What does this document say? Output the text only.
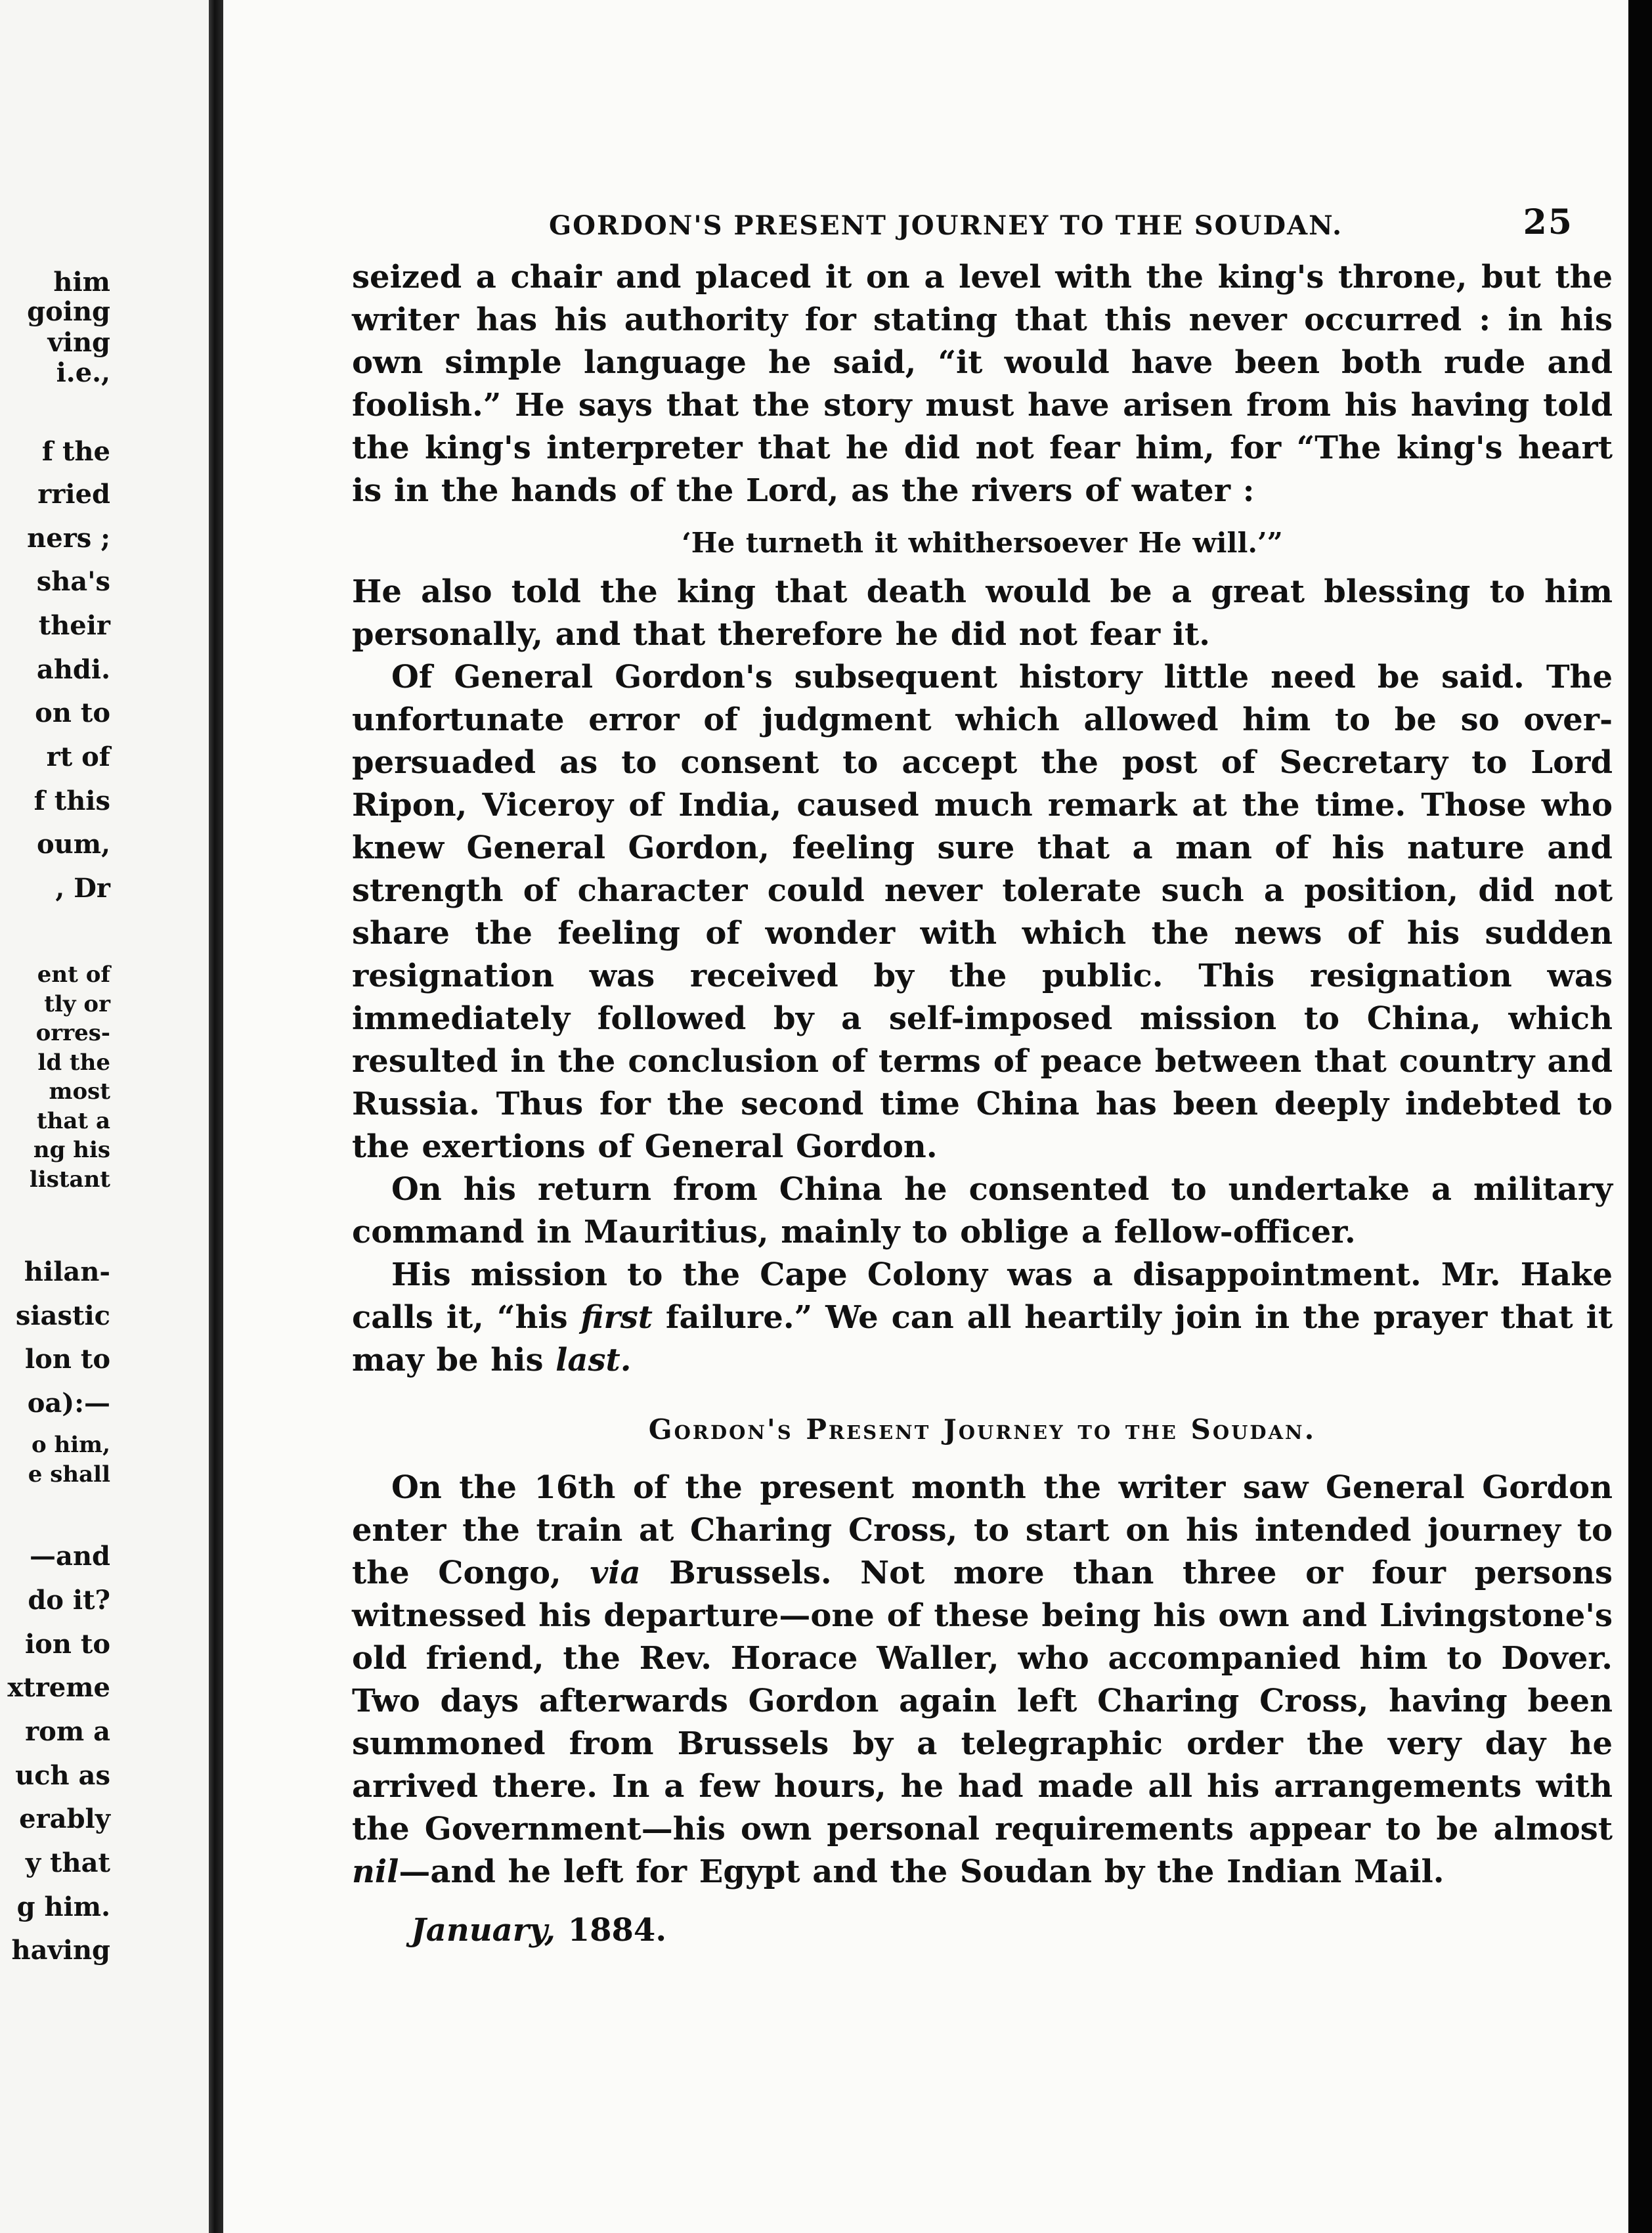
him
going
ving
i.e.,
f the
rried
ners ;
sha's
their
ahdi.
on to
rt of
f this
oum,
, Dr
ent of
tly or
orres-
ld the
most
that a
ng his
listant
hilan-
siastic
lon to
oa):—
o him,
e shall
—and
do it?
ion to
xtreme
rom a
uch as
erably
y that
g him.
having
GORDON'S PRESENT JOURNEY TO THE SOUDAN.	25

seized a chair and placed it on a level with the king's throne, but the writer has his authority for stating that this never occurred : in his own simple language he said, “it would have been both rude and foolish.” He says that the story must have arisen from his having told the king's interpreter that he did not fear him, for “The king's heart is in the hands of the Lord, as the rivers of water :

‘He turneth it whithersoever He will.’”

He also told the king that death would be a great blessing to him personally, and that therefore he did not fear it.

Of General Gordon's subsequent history little need be said. The unfortunate error of judgment which allowed him to be so over-persuaded as to consent to accept the post of Secretary to Lord Ripon, Viceroy of India, caused much remark at the time. Those who knew General Gordon, feeling sure that a man of his nature and strength of character could never tolerate such a position, did not share the feeling of wonder with which the news of his sudden resignation was received by the public. This resignation was immediately followed by a self-imposed mission to China, which resulted in the conclusion of terms of peace between that country and Russia. Thus for the second time China has been deeply indebted to the exertions of General Gordon.

On his return from China he consented to undertake a military command in Mauritius, mainly to oblige a fellow-officer.

His mission to the Cape Colony was a disappointment. Mr. Hake calls it, “his first failure.” We can all heartily join in the prayer that it may be his last.

Gordon's Present Journey to the Soudan.

On the 16th of the present month the writer saw General Gordon enter the train at Charing Cross, to start on his intended journey to the Congo, via Brussels. Not more than three or four persons witnessed his departure—one of these being his own and Livingstone's old friend, the Rev. Horace Waller, who accompanied him to Dover. Two days afterwards Gordon again left Charing Cross, having been summoned from Brussels by a telegraphic order the very day he arrived there. In a few hours, he had made all his arrangements with the Government—his own personal requirements appear to be almost nil—and he left for Egypt and the Soudan by the Indian Mail.

January, 1884.
